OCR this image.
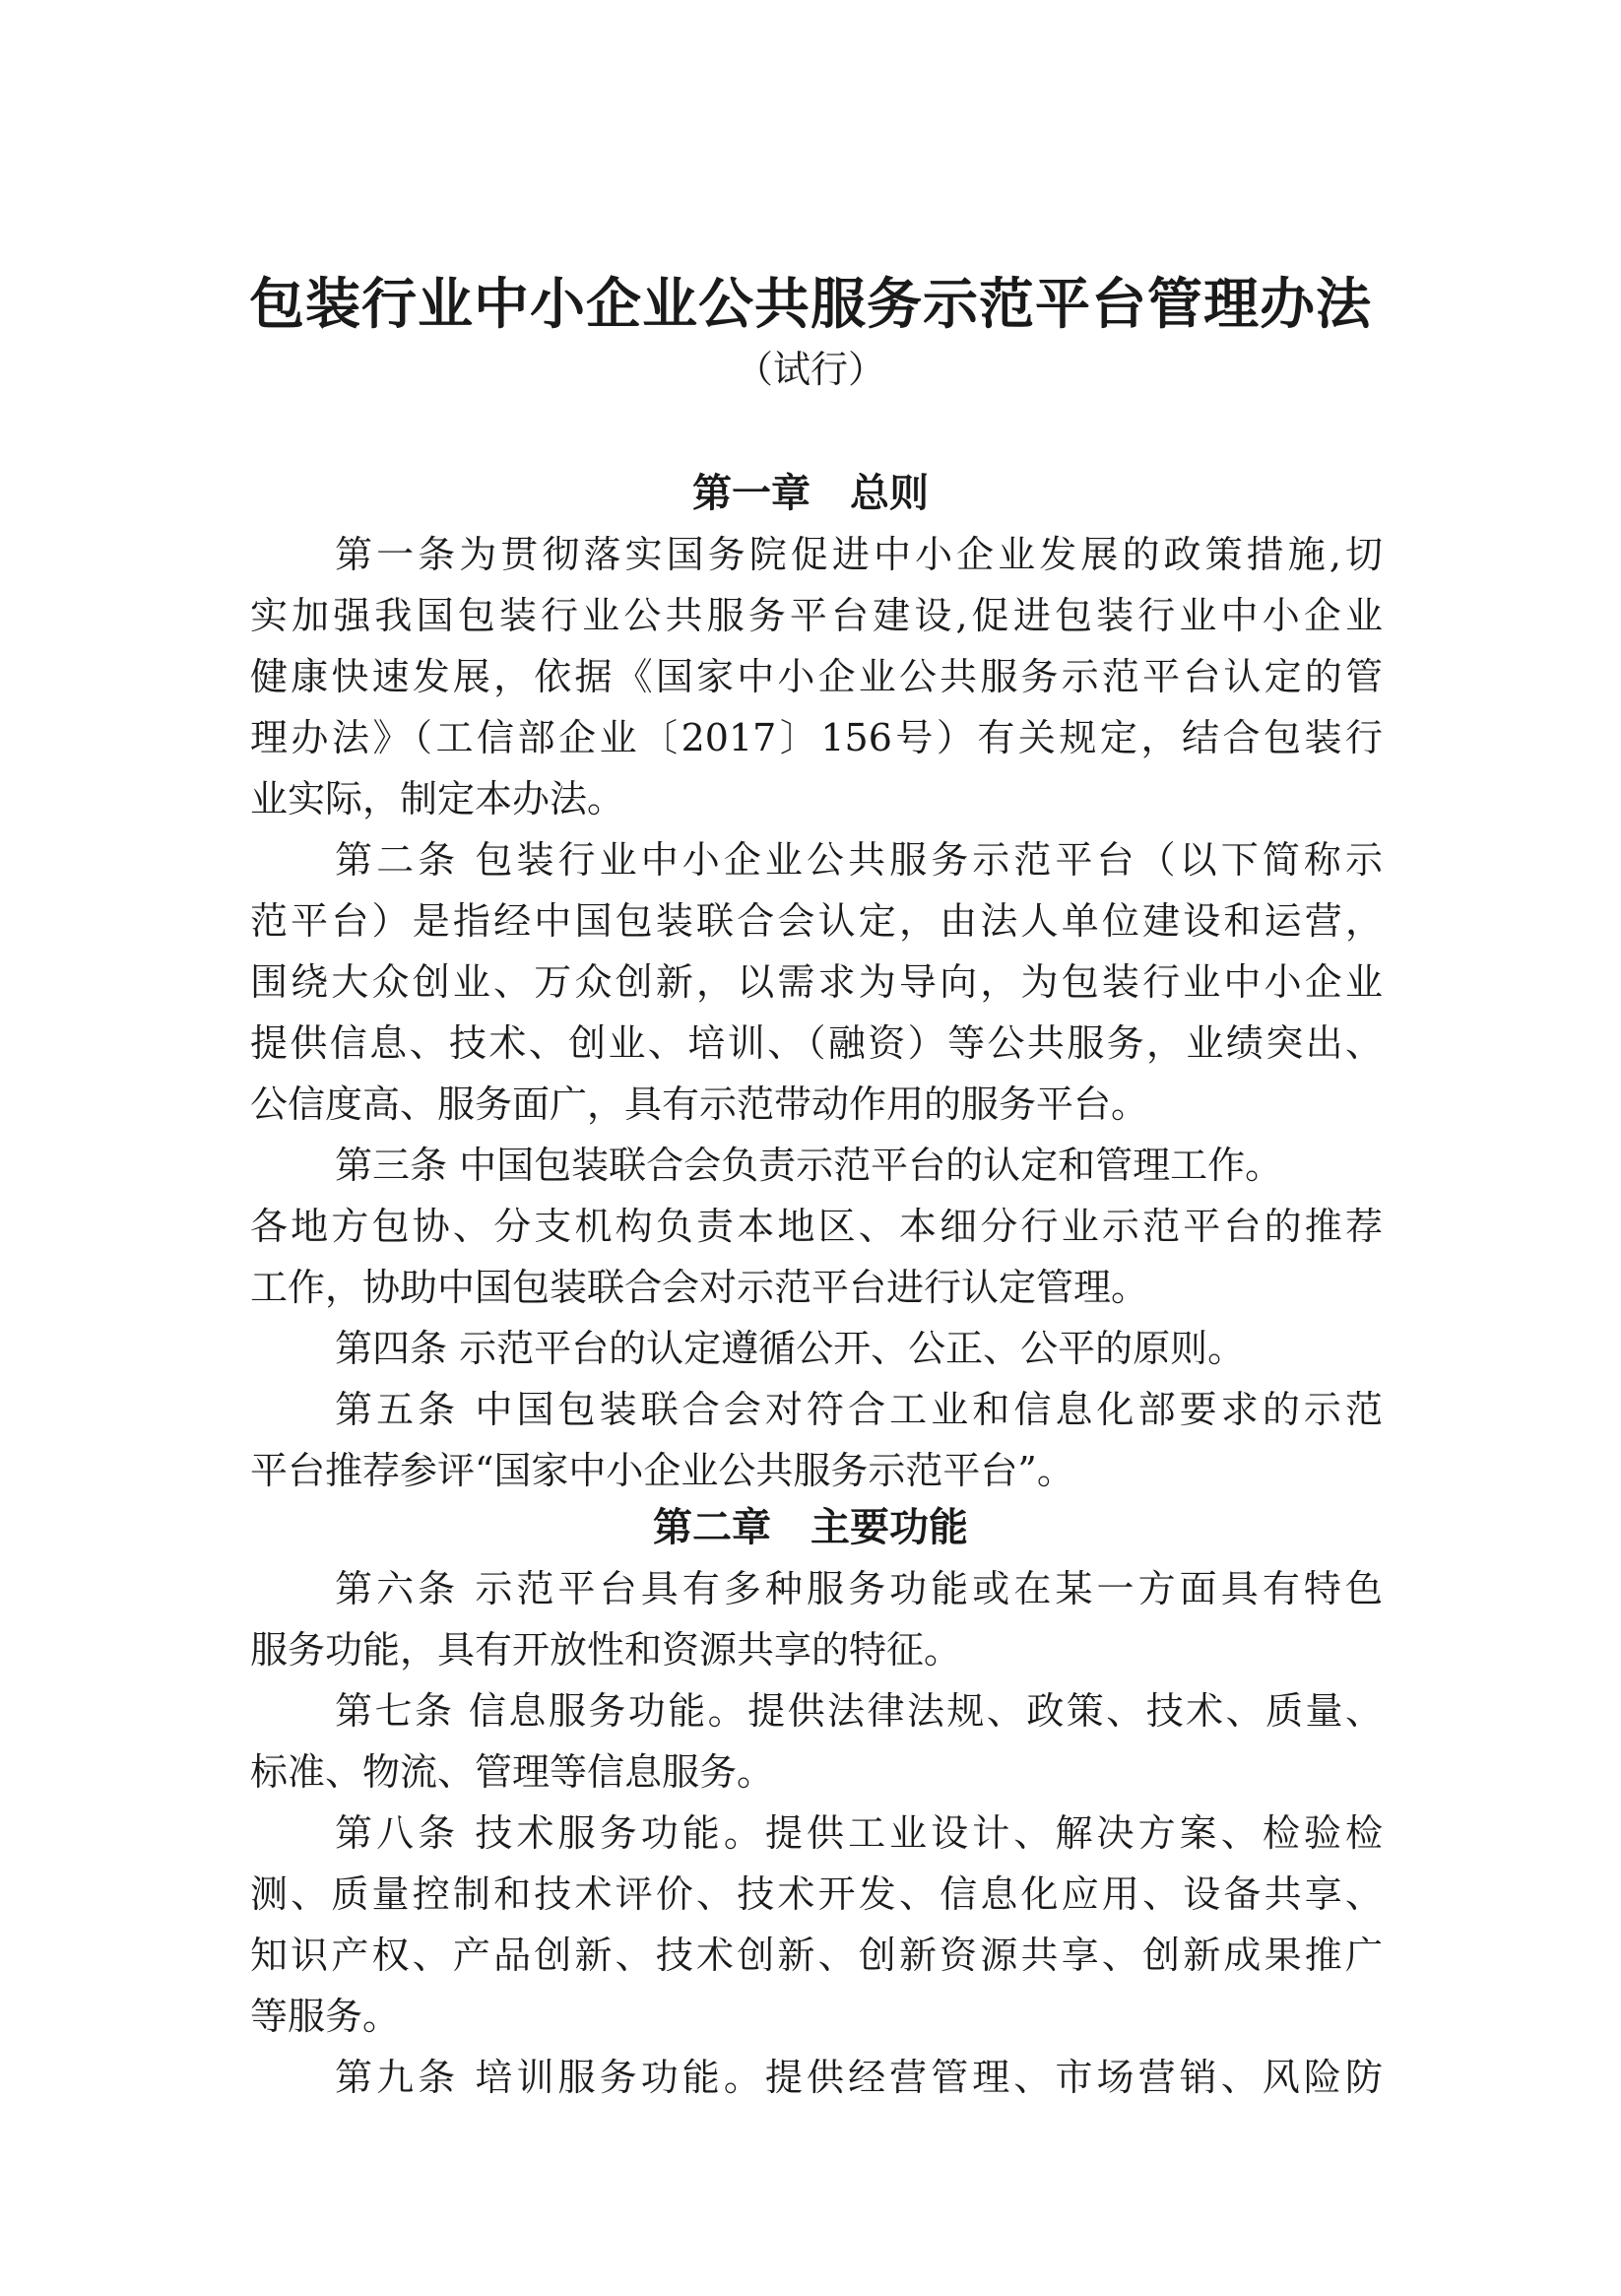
包装行业中小企业公共服务示范平台管理办法
（试行）
第一章　总则
第一条为贯彻落实国务院促进中小企业发展的政策措施,切
实加强我国包装行业公共服务平台建设,促进包装行业中小企业
健康快速发展，依据《国家中小企业公共服务示范平台认定的管
理办法》（工信部企业〔2017〕156号）有关规定，结合包装行
业实际，制定本办法。
第二条 包装行业中小企业公共服务示范平台（以下简称示
范平台）是指经中国包装联合会认定，由法人单位建设和运营，
围绕大众创业、万众创新，以需求为导向，为包装行业中小企业
提供信息、技术、创业、培训、（融资）等公共服务，业绩突出、
公信度高、服务面广，具有示范带动作用的服务平台。
第三条 中国包装联合会负责示范平台的认定和管理工作。
各地方包协、分支机构负责本地区、本细分行业示范平台的推荐
工作，协助中国包装联合会对示范平台进行认定管理。
第四条 示范平台的认定遵循公开、公正、公平的原则。
第五条 中国包装联合会对符合工业和信息化部要求的示范
平台推荐参评“国家中小企业公共服务示范平台”。
第二章　主要功能
第六条 示范平台具有多种服务功能或在某一方面具有特色
服务功能，具有开放性和资源共享的特征。
第七条 信息服务功能。提供法律法规、政策、技术、质量、
标准、物流、管理等信息服务。
第八条 技术服务功能。提供工业设计、解决方案、检验检
测、质量控制和技术评价、技术开发、信息化应用、设备共享、
知识产权、产品创新、技术创新、创新资源共享、创新成果推广
等服务。
第九条 培训服务功能。提供经营管理、市场营销、风险防
